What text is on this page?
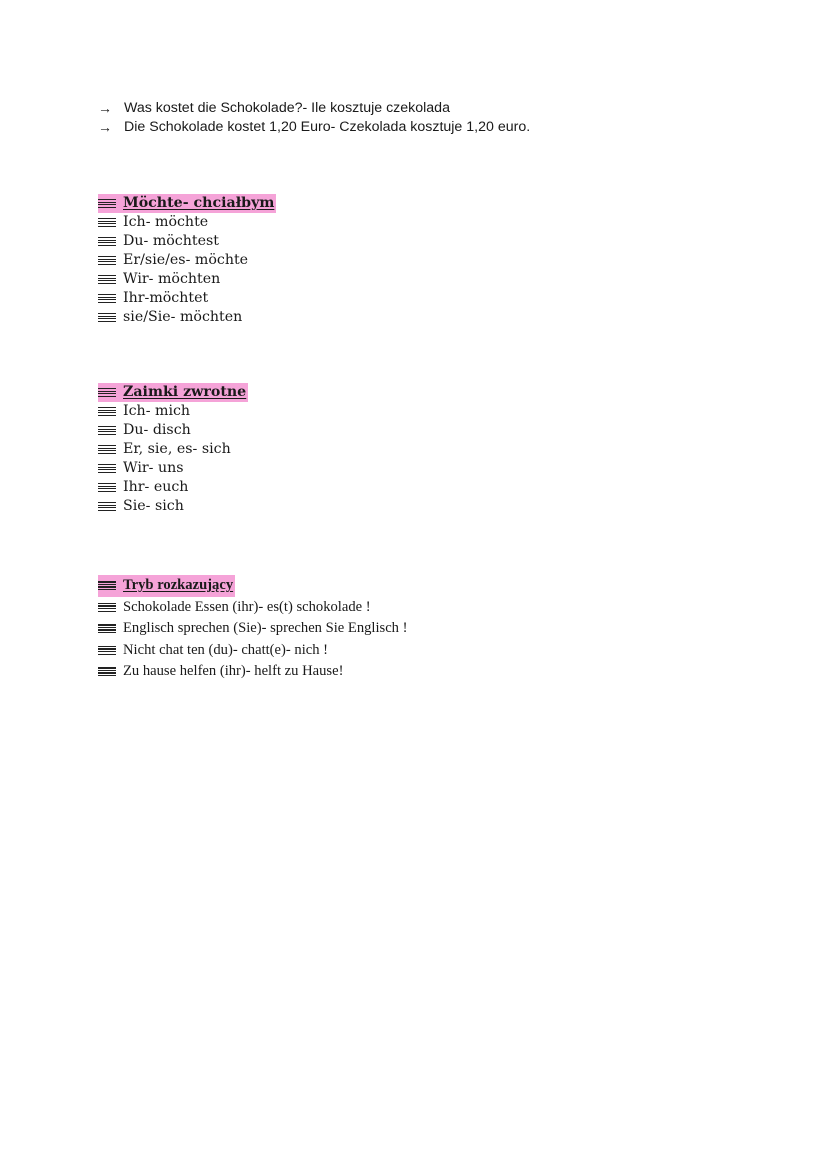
→ Was kostet die Schokolade?- Ile kosztuje czekolada
→ Die Schokolade kostet 1,20 Euro- Czekolada kosztuje 1,20 euro.
Möchte- chciałbym
Ich- möchte
Du- möchtest
Er/sie/es- möchte
Wir- möchten
Ihr-möchtet
sie/Sie- möchten
Zaimki zwrotne
Ich- mich
Du- disch
Er, sie, es- sich
Wir- uns
Ihr- euch
Sie- sich
Tryb rozkazujący
Schokolade Essen (ihr)- es(t) schokolade !
Englisch sprechen (Sie)- sprechen Sie Englisch !
Nicht chat ten (du)- chatt(e)- nich !
Zu hause helfen (ihr)- helft zu Hause!
